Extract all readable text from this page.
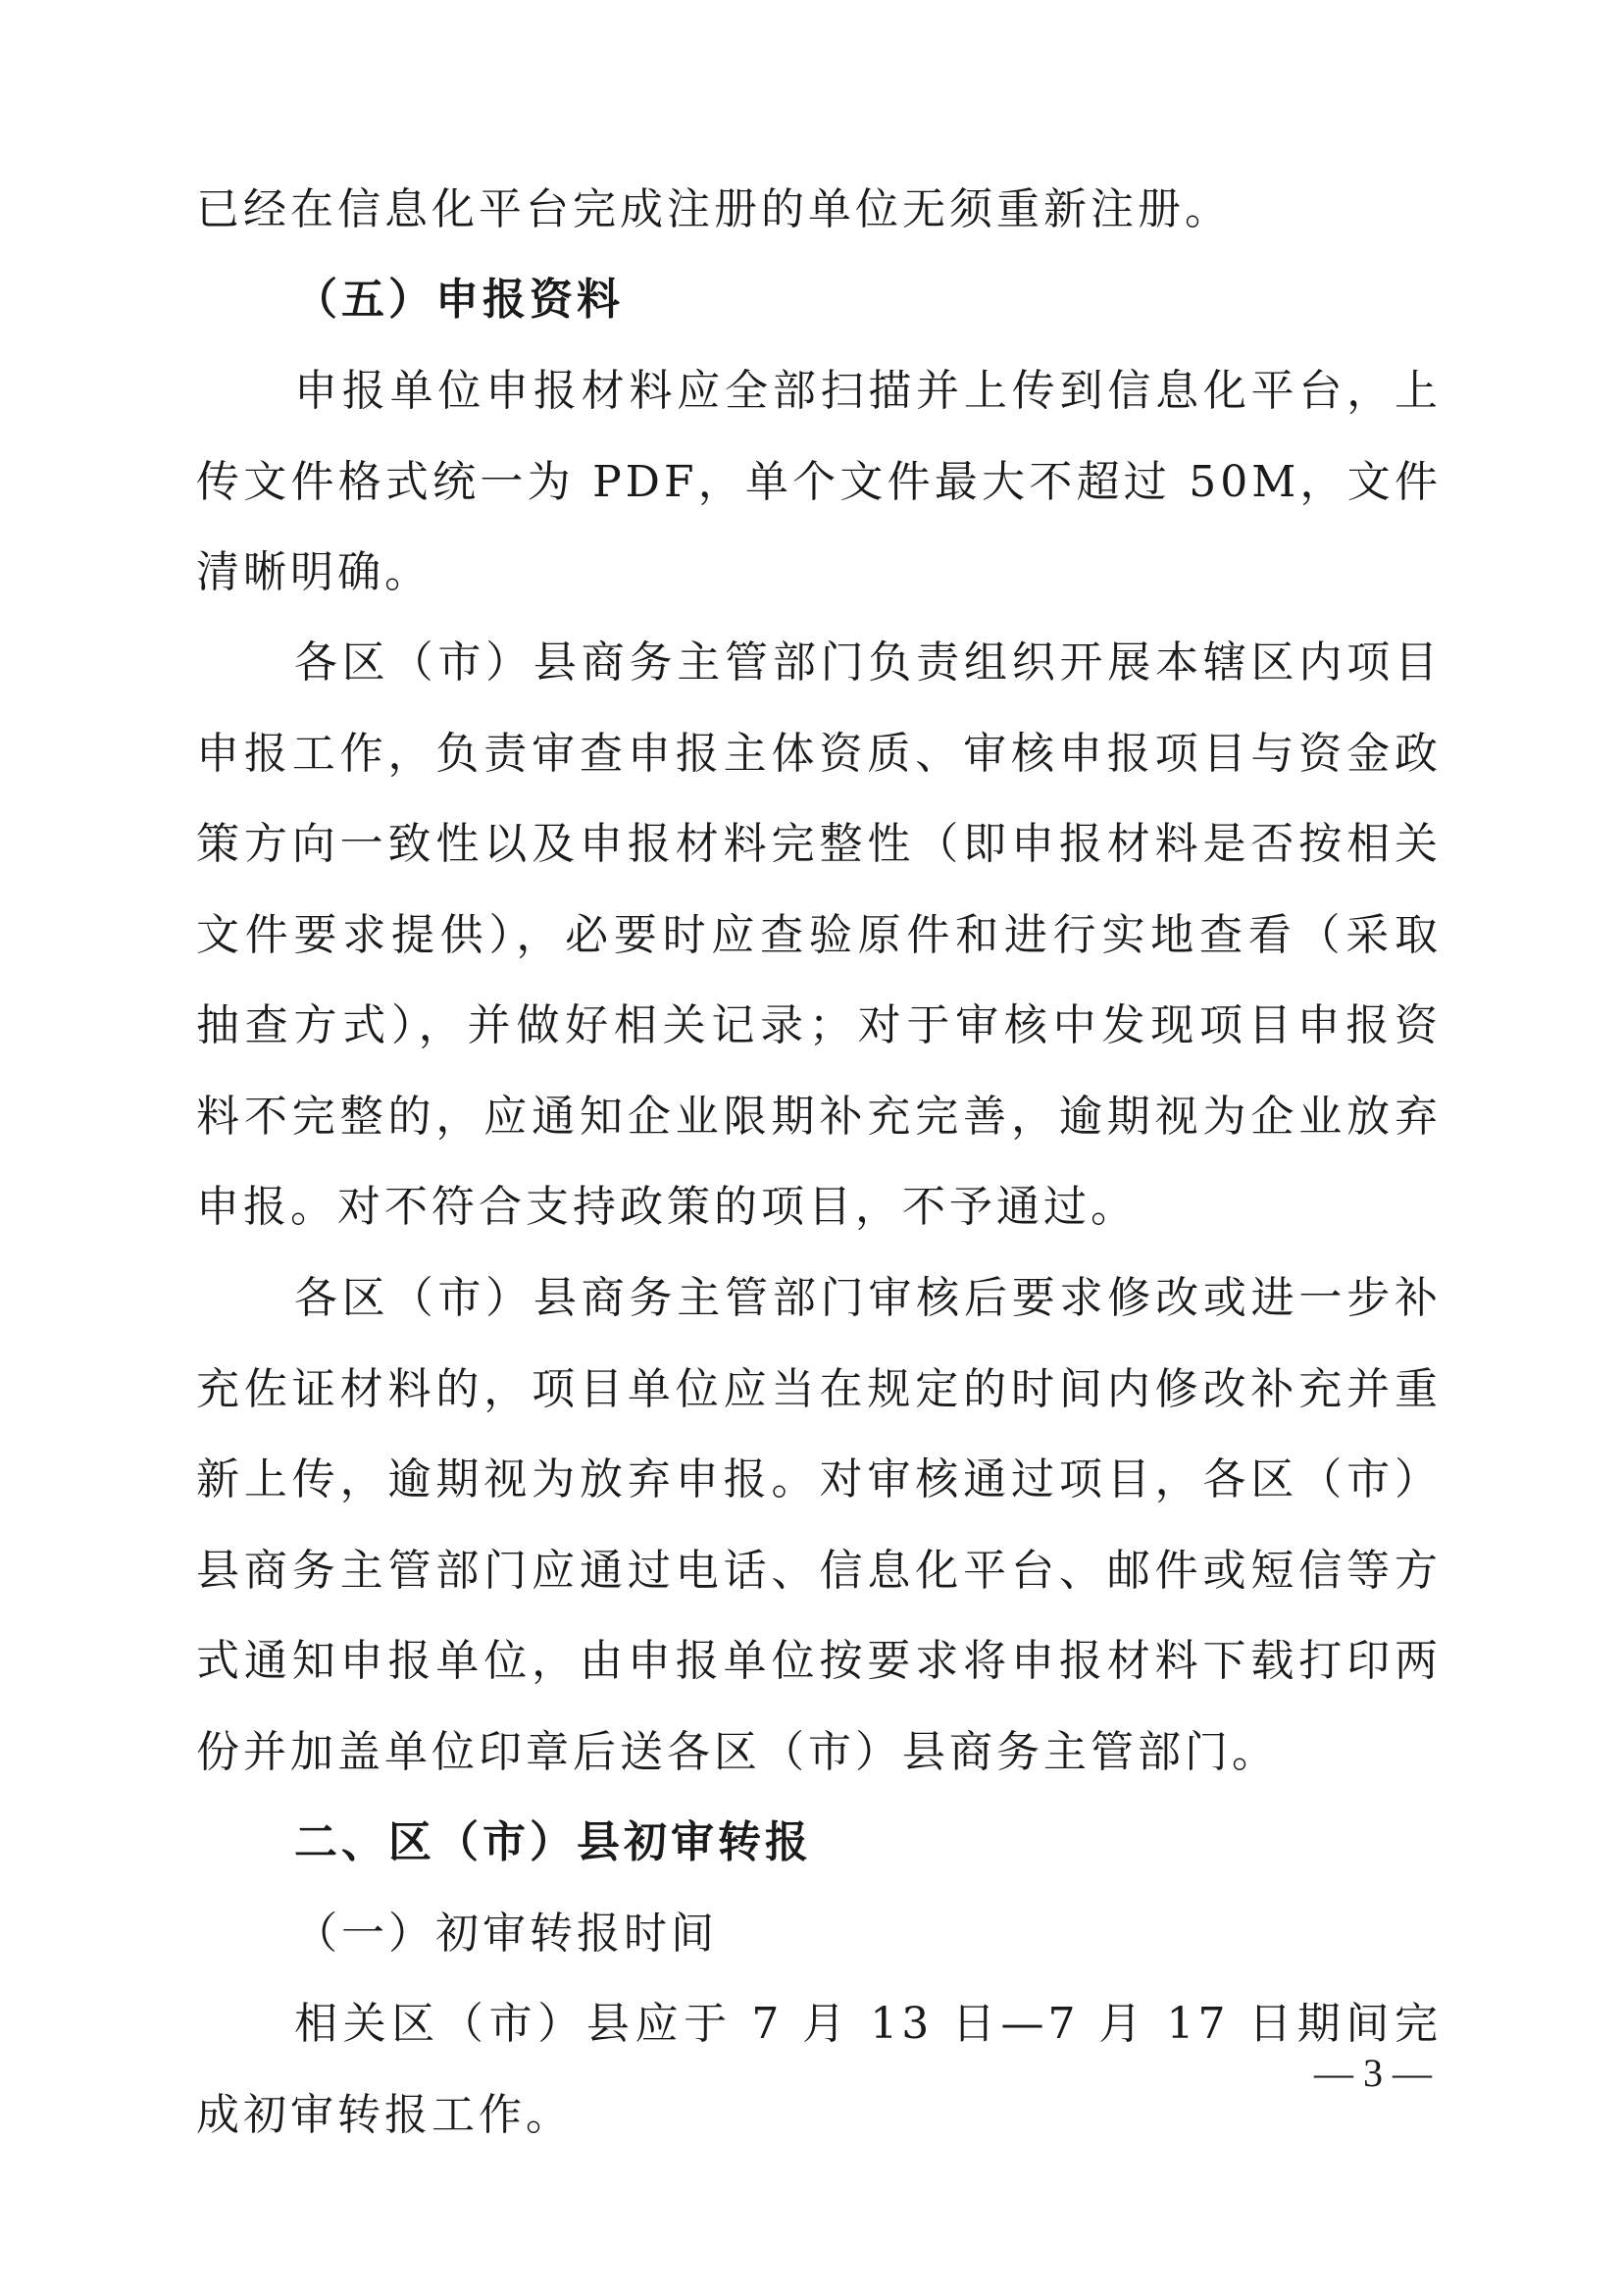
已经在信息化平台完成注册的单位无须重新注册。

（五）申报资料

申报单位申报材料应全部扫描并上传到信息化平台，上传文件格式统一为 PDF，单个文件最大不超过 50M，文件清晰明确。

各区（市）县商务主管部门负责组织开展本辖区内项目申报工作，负责审查申报主体资质、审核申报项目与资金政策方向一致性以及申报材料完整性（即申报材料是否按相关文件要求提供），必要时应查验原件和进行实地查看（采取抽查方式），并做好相关记录；对于审核中发现项目申报资料不完整的，应通知企业限期补充完善，逾期视为企业放弃申报。对不符合支持政策的项目，不予通过。

各区（市）县商务主管部门审核后要求修改或进一步补充佐证材料的，项目单位应当在规定的时间内修改补充并重新上传，逾期视为放弃申报。对审核通过项目，各区（市）县商务主管部门应通过电话、信息化平台、邮件或短信等方式通知申报单位，由申报单位按要求将申报材料下载打印两份并加盖单位印章后送各区（市）县商务主管部门。

二、区（市）县初审转报

（一）初审转报时间

相关区（市）县应于 7 月 13 日—7 月 17 日期间完成初审转报工作。

— 3 —
